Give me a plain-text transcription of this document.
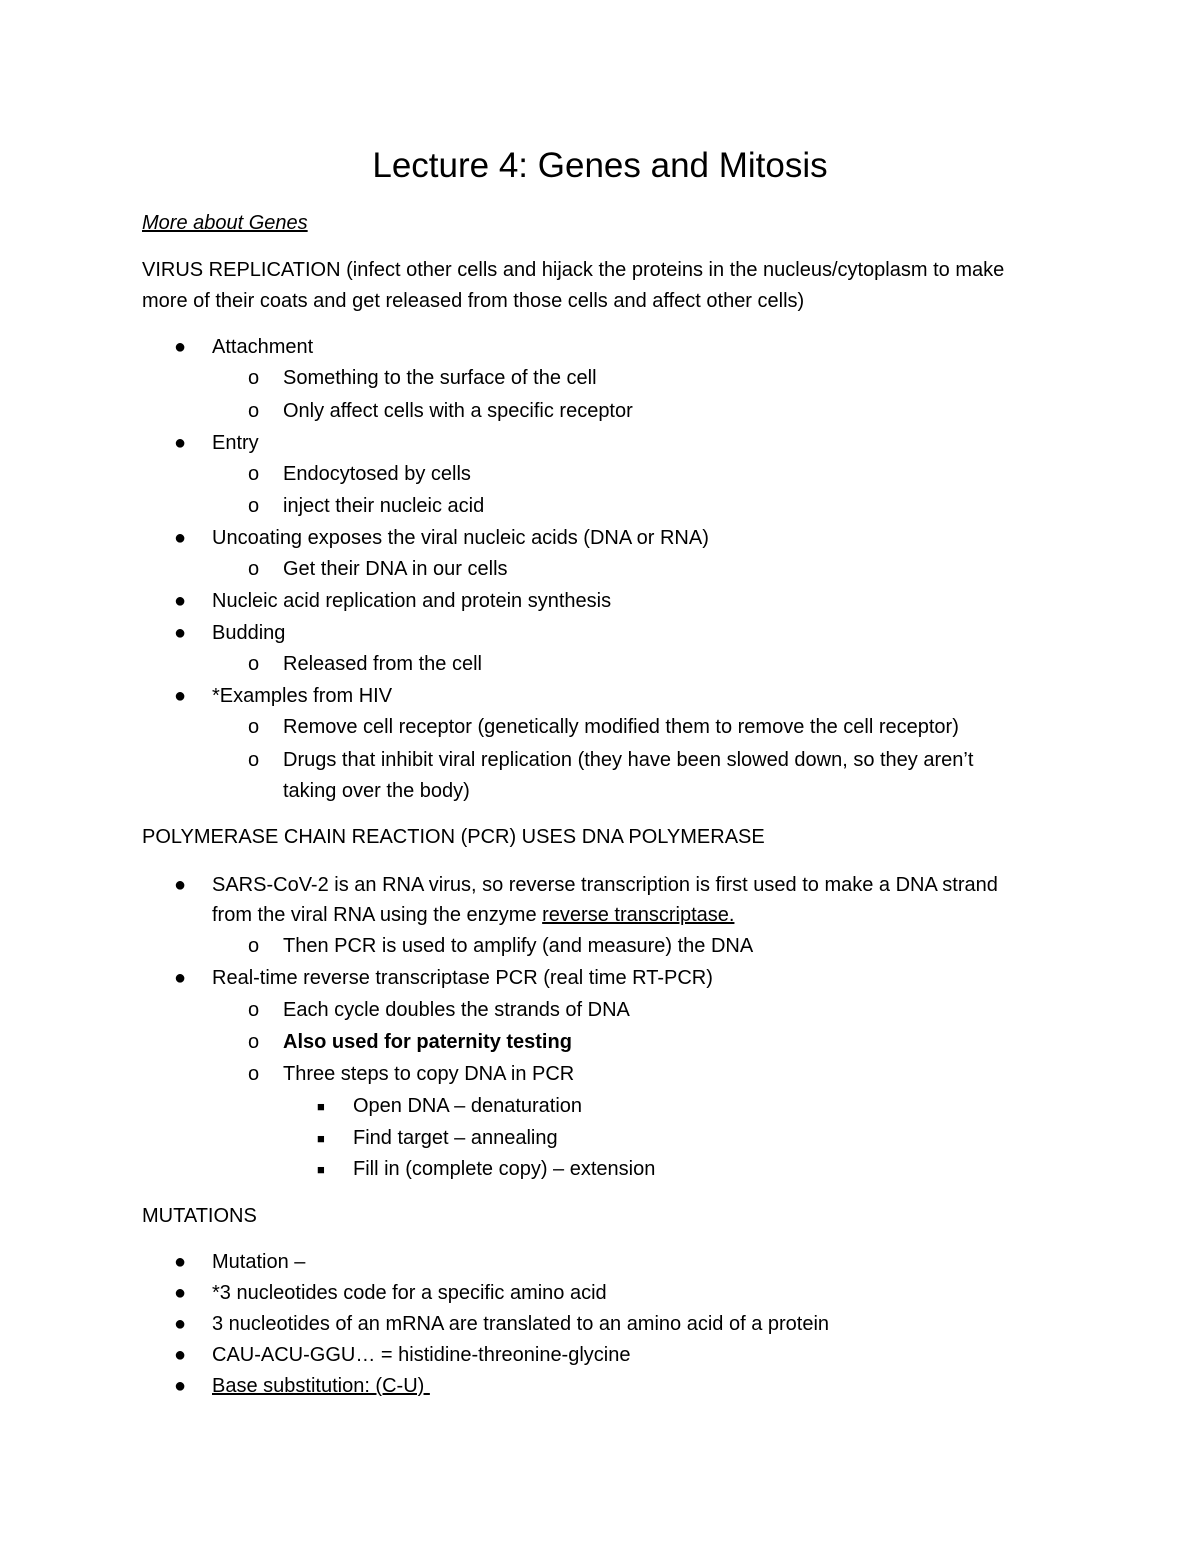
Lecture 4: Genes and Mitosis
More about Genes
VIRUS REPLICATION (infect other cells and hijack the proteins in the nucleus/cytoplasm to make
more of their coats and get released from those cells and affect other cells)
● Attachment
o Something to the surface of the cell
o Only affect cells with a specific receptor
● Entry
o Endocytosed by cells
o inject their nucleic acid
● Uncoating exposes the viral nucleic acids (DNA or RNA)
o Get their DNA in our cells
● Nucleic acid replication and protein synthesis
● Budding
o Released from the cell
● *Examples from HIV
o Remove cell receptor (genetically modified them to remove the cell receptor)
o Drugs that inhibit viral replication (they have been slowed down, so they aren’t
taking over the body)
POLYMERASE CHAIN REACTION (PCR) USES DNA POLYMERASE
● SARS-CoV-2 is an RNA virus, so reverse transcription is first used to make a DNA strand
from the viral RNA using the enzyme reverse transcriptase.
o Then PCR is used to amplify (and measure) the DNA
● Real-time reverse transcriptase PCR (real time RT-PCR)
o Each cycle doubles the strands of DNA
o Also used for paternity testing
o Three steps to copy DNA in PCR
■ Open DNA – denaturation
■ Find target – annealing
■ Fill in (complete copy) – extension
MUTATIONS
● Mutation –
● *3 nucleotides code for a specific amino acid
● 3 nucleotides of an mRNA are translated to an amino acid of a protein
● CAU-ACU-GGU… = histidine-threonine-glycine
● Base substitution: (C-U)
